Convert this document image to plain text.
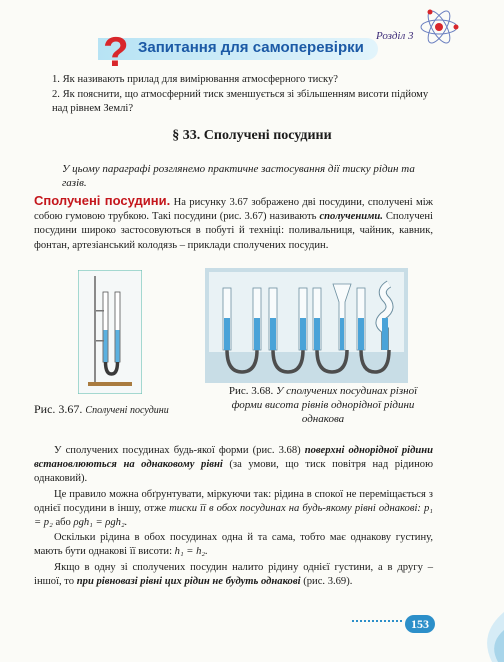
Розділ 3
? Запитання для самоперевірки
1. Як називають прилад для вимірювання атмосферного тиску?
2. Як пояснити, що атмосферний тиск зменшується зі збільшенням висоти підйому над рівнем Землі?
§ 33. Сполучені посудини
У цьому параграфі розглянемо практичне застосування дії тиску рідин та газів.
Сполучені посудини. На рисунку 3.67 зображено дві посудини, сполучені між собою гумовою трубкою. Такі посудини (рис. 3.67) називають сполученими. Сполучені посудини широко застосовуються в побуті й техніці: поливальниця, чайник, кавник, фонтан, артезіанський колодязь – приклади сполучених посудин.
Рис. 3.67. Сполучені посудини
Рис. 3.68. У сполучених посудинах різної форми висота рівнів однорідної рідини однакова
У сполучених посудинах будь-якої форми (рис. 3.68) поверхні однорідної рідини встановлюються на однаковому рівні (за умови, що тиск повітря над рідиною однаковий).
Це правило можна обґрунтувати, міркуючи так: рідина в спокої не переміщається з однієї посудини в іншу, отже тиски її в обох посудинах на будь-якому рівні однакові: p₁ = p₂ або ρgh₁ = ρgh₂.
Оскільки рідина в обох посудинах одна й та сама, тобто має однакову густину, мають бути однакові її висоти: h₁ = h₂.
Якщо в одну зі сполучених посудин налито рідину однієї густини, а в другу – іншої, то при рівновазі рівні цих рідин не будуть однакові (рис. 3.69).
153
